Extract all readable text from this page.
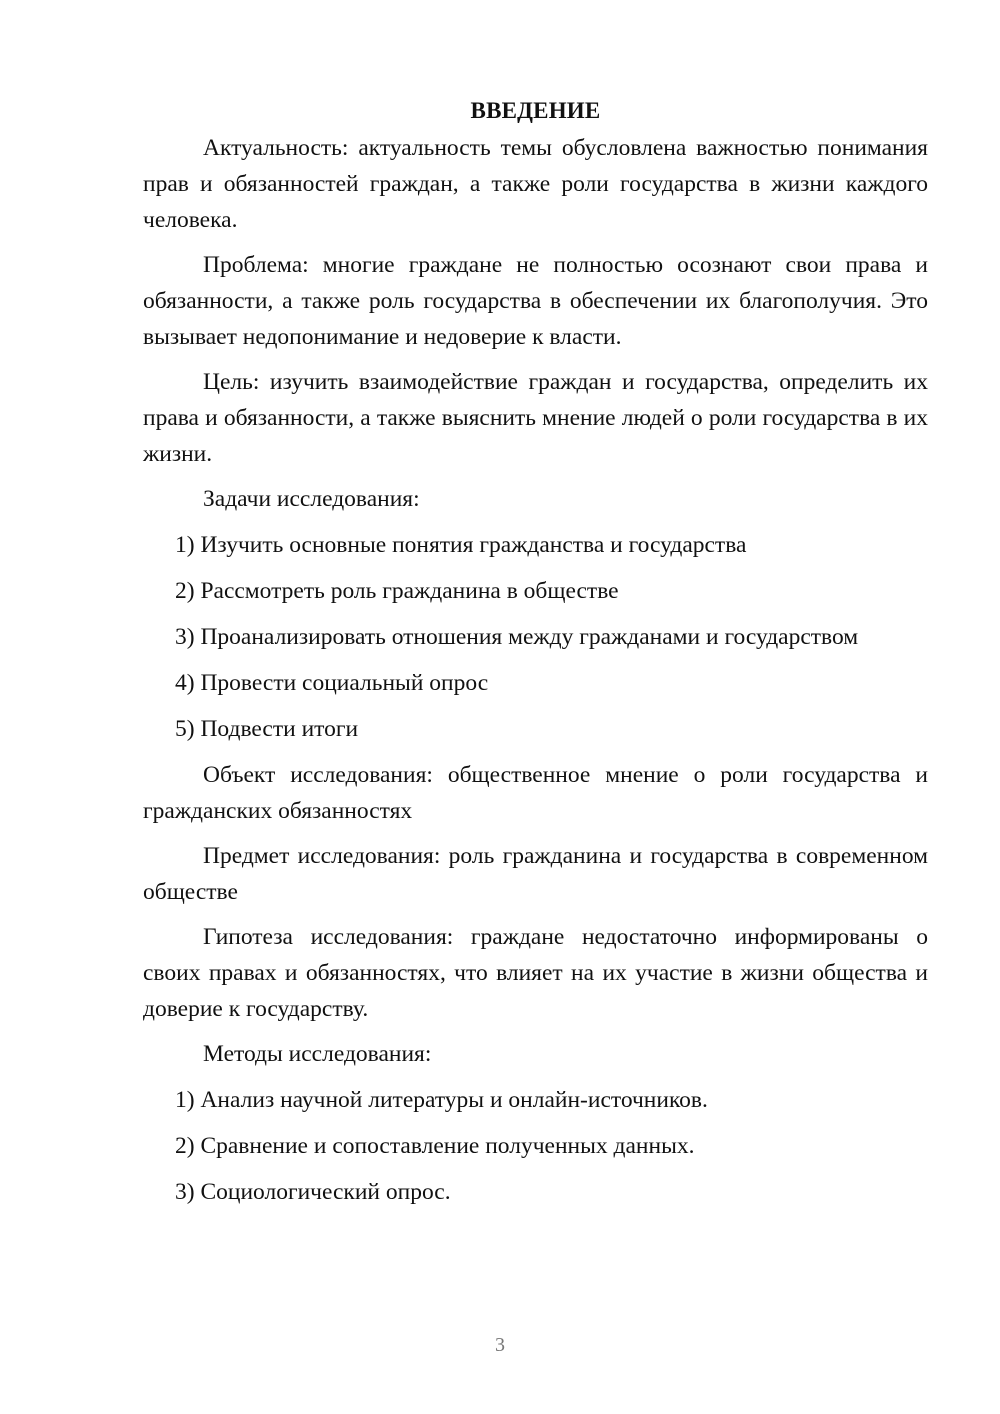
ВВЕДЕНИЕ

Актуальность: актуальность темы обусловлена важностью понимания прав и обязанностей граждан, а также роли государства в жизни каждого человека.

Проблема: многие граждане не полностью осознают свои права и обязанности, а также роль государства в обеспечении их благополучия. Это вызывает недопонимание и недоверие к власти.

Цель: изучить взаимодействие граждан и государства, определить их права и обязанности, а также выяснить мнение людей о роли государства в их жизни.

Задачи исследования:
1) Изучить основные понятия гражданства и государства
2) Рассмотреть роль гражданина в обществе
3) Проанализировать отношения между гражданами и государством
4) Провести социальный опрос
5) Подвести итоги

Объект исследования: общественное мнение о роли государства и гражданских обязанностях

Предмет исследования: роль гражданина и государства в современном обществе

Гипотеза исследования: граждане недостаточно информированы о своих правах и обязанностях, что влияет на их участие в жизни общества и доверие к государству.

Методы исследования:
1) Анализ научной литературы и онлайн-источников.
2) Сравнение и сопоставление полученных данных.
3) Социологический опрос.
3
